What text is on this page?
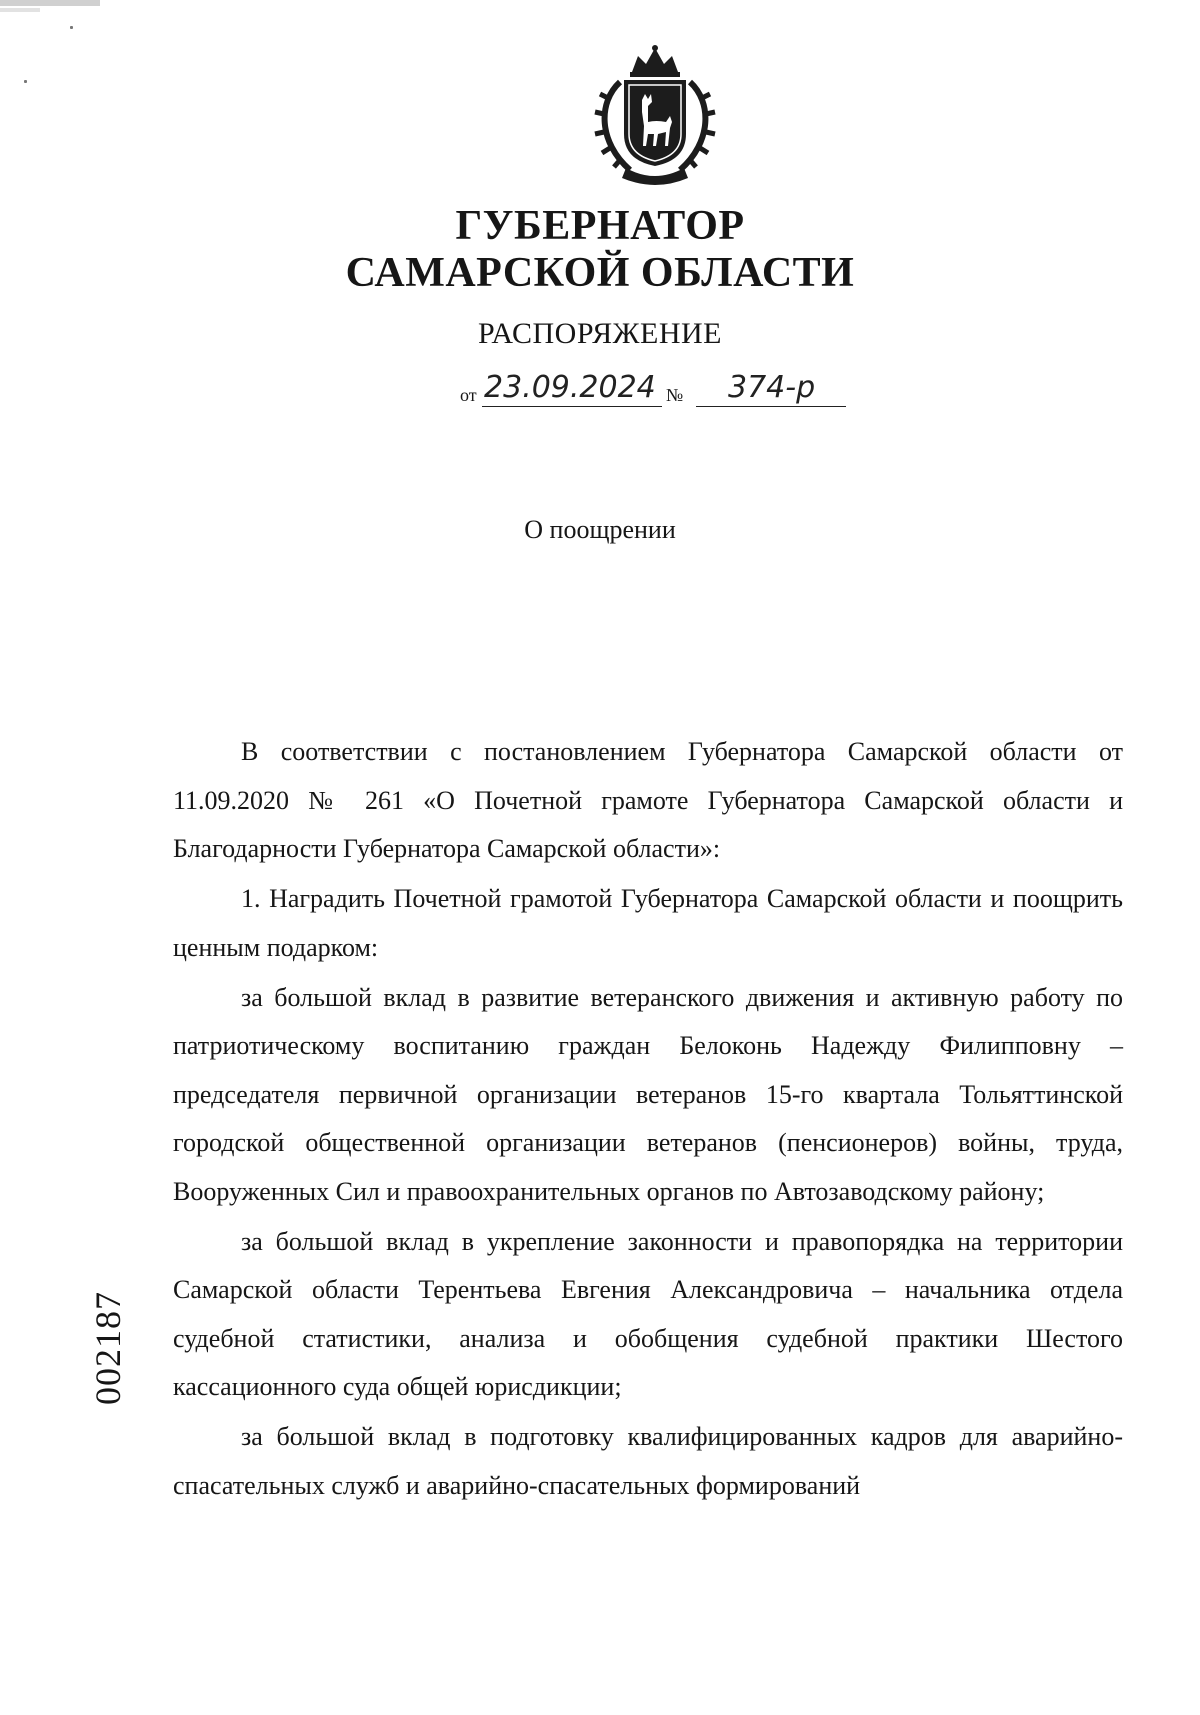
ГУБЕРНАТОР
САМАРСКОЙ ОБЛАСТИ
РАСПОРЯЖЕНИЕ
от 23.09.2024 № 374-р
О поощрении

В соответствии с постановлением Губернатора Самарской области от 11.09.2020 № 261 «О Почетной грамоте Губернатора Самарской области и Благодарности Губернатора Самарской области»:

1. Наградить Почетной грамотой Губернатора Самарской области и поощрить ценным подарком:

за большой вклад в развитие ветеранского движения и активную работу по патриотическому воспитанию граждан Белоконь Надежду Филипповну – председателя первичной организации ветеранов 15-го квартала Тольяттинской городской общественной организации ветеранов (пенсионеров) войны, труда, Вооруженных Сил и правоохранительных органов по Автозаводскому району;

за большой вклад в укрепление законности и правопорядка на территории Самарской области Терентьева Евгения Александровича – начальника отдела судебной статистики, анализа и обобщения судебной практики Шестого кассационного суда общей юрисдикции;

за большой вклад в подготовку квалифицированных кадров для аварийно-спасательных служб и аварийно-спасательных формирований

002187
